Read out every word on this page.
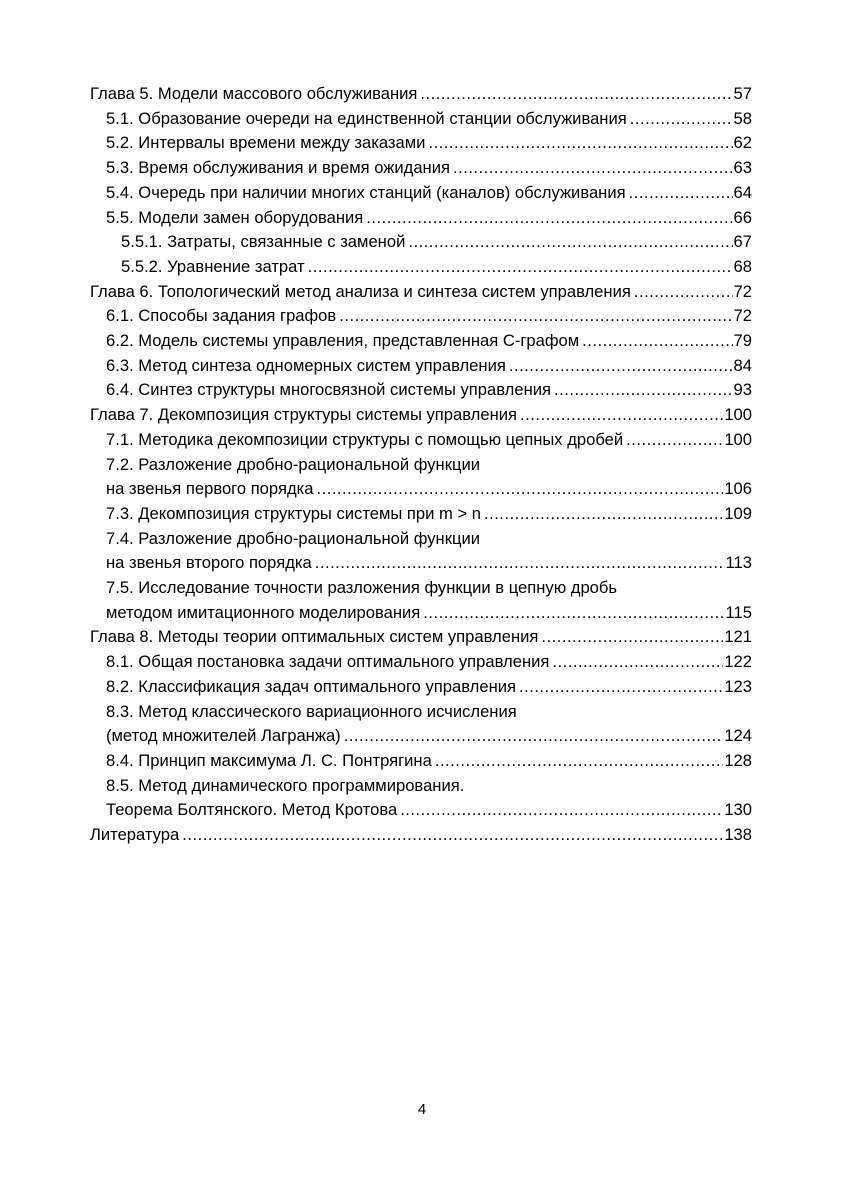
Глава 5. Модели массового обслуживания .....	57
5.1. Образование очереди на единственной станции обслуживания .....	58
5.2. Интервалы времени между заказами .....	62
5.3. Время обслуживания и время ожидания .....	63
5.4. Очередь при наличии многих станций (каналов) обслуживания .....	64
5.5. Модели замен оборудования .....	66
5.5.1. Затраты, связанные с заменой .....	67
5.5.2. Уравнение затрат .....	68
Глава 6. Топологический метод анализа и синтеза систем управления .....	72
6.1. Способы задания графов .....	72
6.2. Модель системы управления, представленная С-графом .....	79
6.3. Метод синтеза одномерных систем управления .....	84
6.4. Синтез структуры многосвязной системы управления .....	93
Глава 7. Декомпозиция структуры системы управления .....	100
7.1. Методика декомпозиции структуры с помощью цепных дробей .....	100
7.2. Разложение дробно-рациональной функции
на звенья первого порядка .....	106
7.3. Декомпозиция структуры системы при m > n .....	109
7.4. Разложение дробно-рациональной функции
на звенья второго порядка .....	113
7.5. Исследование точности разложения функции в цепную дробь
методом имитационного моделирования .....	115
Глава 8. Методы теории оптимальных систем управления .....	121
8.1. Общая постановка задачи оптимального управления .....	122
8.2. Классификация задач оптимального управления .....	123
8.3. Метод классического вариационного исчисления
(метод множителей Лагранжа) .....	124
8.4. Принцип максимума Л. С. Понтрягина .....	128
8.5. Метод динамического программирования.
Теорема Болтянского. Метод Кротова .....	130
Литература .....	138
4
